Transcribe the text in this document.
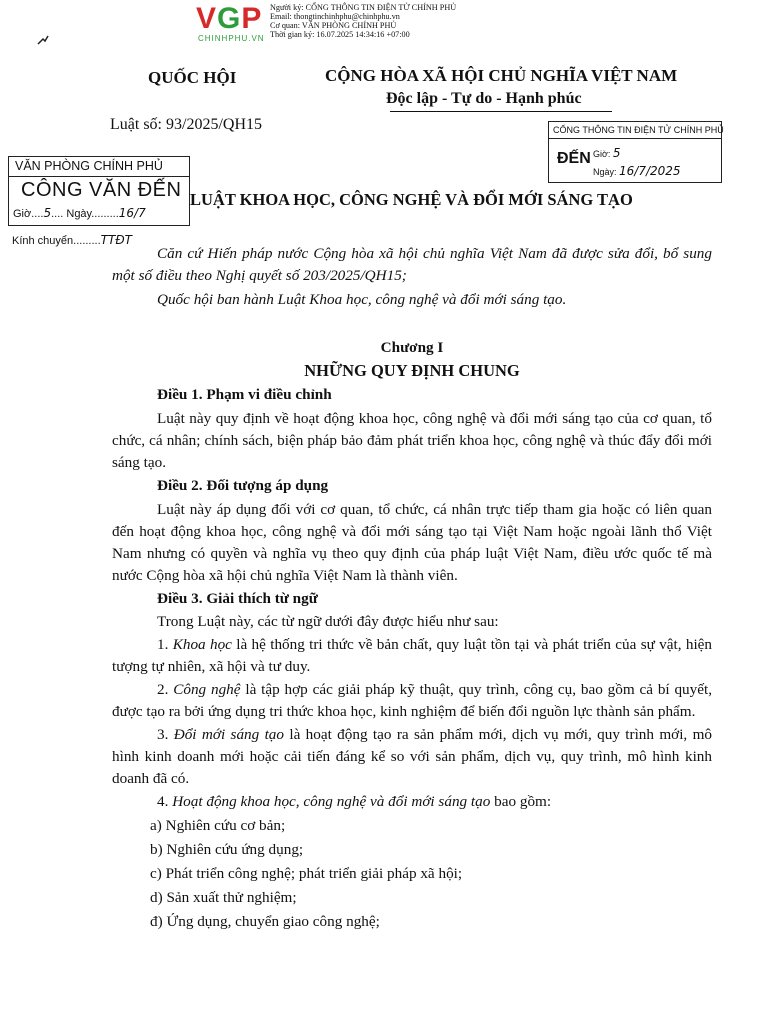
VGP
CHINHPHU.VN
Người ký: CỔNG THÔNG TIN ĐIỆN TỬ CHÍNH PHỦ
Email: thongtinchinhphu@chinhphu.vn
Cơ quan: VĂN PHÒNG CHÍNH PHỦ
Thời gian ký: 16.07.2025 14:34:16 +07:00
QUỐC HỘI	CỘNG HÒA XÃ HỘI CHỦ NGHĨA VIỆT NAM
Độc lập - Tự do - Hạnh phúc
Luật số: 93/2025/QH15	CỔNG THÔNG TIN ĐIỆN TỬ CHÍNH PHỦ
ĐẾN Giờ: 5
Ngày: 16/7/2025
VĂN PHÒNG CHÍNH PHỦ
CÔNG VĂN ĐẾN
Giờ....5.... Ngày.........16/7
Kính chuyển.........TTĐT
LUẬT KHOA HỌC, CÔNG NGHỆ VÀ ĐỔI MỚI SÁNG TẠO

Căn cứ Hiến pháp nước Cộng hòa xã hội chủ nghĩa Việt Nam đã được sửa đổi, bổ sung một số điều theo Nghị quyết số 203/2025/QH15;

Quốc hội ban hành Luật Khoa học, công nghệ và đổi mới sáng tạo.

Chương I

NHỮNG QUY ĐỊNH CHUNG

Điều 1. Phạm vi điều chỉnh

Luật này quy định về hoạt động khoa học, công nghệ và đổi mới sáng tạo của cơ quan, tổ chức, cá nhân; chính sách, biện pháp bảo đảm phát triển khoa học, công nghệ và thúc đẩy đổi mới sáng tạo.

Điều 2. Đối tượng áp dụng

Luật này áp dụng đối với cơ quan, tổ chức, cá nhân trực tiếp tham gia hoặc có liên quan đến hoạt động khoa học, công nghệ và đổi mới sáng tạo tại Việt Nam hoặc ngoài lãnh thổ Việt Nam nhưng có quyền và nghĩa vụ theo quy định của pháp luật Việt Nam, điều ước quốc tế mà nước Cộng hòa xã hội chủ nghĩa Việt Nam là thành viên.

Điều 3. Giải thích từ ngữ

Trong Luật này, các từ ngữ dưới đây được hiểu như sau:

1. Khoa học là hệ thống tri thức về bản chất, quy luật tồn tại và phát triển của sự vật, hiện tượng tự nhiên, xã hội và tư duy.

2. Công nghệ là tập hợp các giải pháp kỹ thuật, quy trình, công cụ, bao gồm cả bí quyết, được tạo ra bởi ứng dụng tri thức khoa học, kinh nghiệm để biến đổi nguồn lực thành sản phẩm.

3. Đổi mới sáng tạo là hoạt động tạo ra sản phẩm mới, dịch vụ mới, quy trình mới, mô hình kinh doanh mới hoặc cải tiến đáng kể so với sản phẩm, dịch vụ, quy trình, mô hình kinh doanh đã có.

4. Hoạt động khoa học, công nghệ và đổi mới sáng tạo bao gồm:

a) Nghiên cứu cơ bản;

b) Nghiên cứu ứng dụng;

c) Phát triển công nghệ; phát triển giải pháp xã hội;

d) Sản xuất thử nghiệm;

đ) Ứng dụng, chuyển giao công nghệ;
